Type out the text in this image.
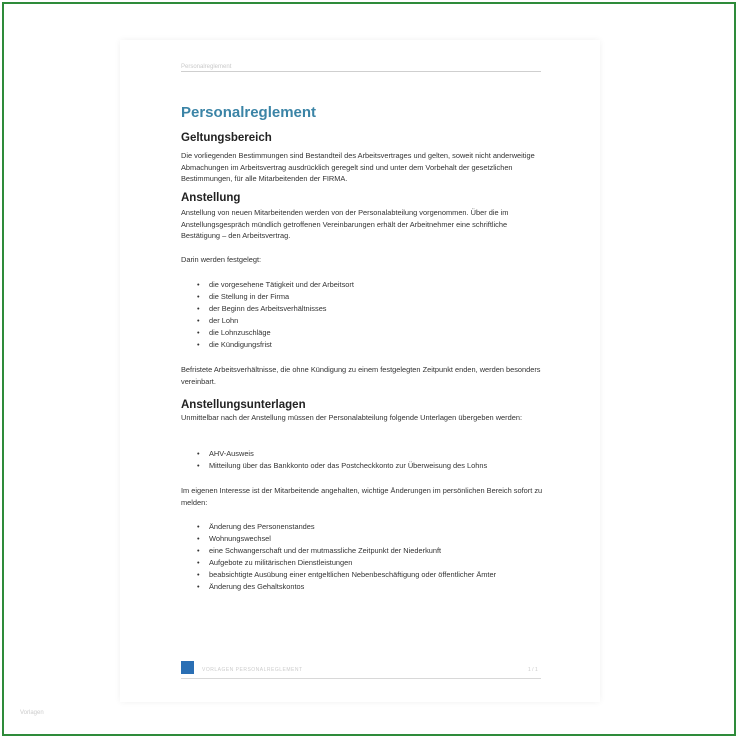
Personalreglement
Personalreglement
Geltungsbereich

Die vorliegenden Bestimmungen sind Bestandteil des Arbeitsvertrages und gelten, soweit nicht anderweitige Abmachungen im Arbeitsvertrag ausdrücklich geregelt sind und unter dem Vorbehalt der gesetzlichen Bestimmungen, für alle Mitarbeitenden der FIRMA.

Anstellung

Anstellung von neuen Mitarbeitenden werden von der Personalabteilung vorgenommen. Über die im Anstellungsgespräch mündlich getroffenen Vereinbarungen erhält der Arbeitnehmer eine schriftliche Bestätigung – den Arbeitsvertrag.

Darin werden festgelegt:

• die vorgesehene Tätigkeit und der Arbeitsort
• die Stellung in der Firma
• der Beginn des Arbeitsverhältnisses
• der Lohn
• die Lohnzuschläge
• die Kündigungsfrist

Befristete Arbeitsverhältnisse, die ohne Kündigung zu einem festgelegten Zeitpunkt enden, werden besonders vereinbart.

Anstellungsunterlagen

Unmittelbar nach der Anstellung müssen der Personalabteilung folgende Unterlagen übergeben werden:

• AHV-Ausweis
• Mitteilung über das Bankkonto oder das Postcheckkonto zur Überweisung des Lohns

Im eigenen Interesse ist der Mitarbeitende angehalten, wichtige Änderungen im persönlichen Bereich sofort zu melden:

• Änderung des Personenstandes
• Wohnungswechsel
• eine Schwangerschaft und der mutmassliche Zeitpunkt der Niederkunft
• Aufgebote zu militärischen Dienstleistungen
• beabsichtigte Ausübung einer entgeltlichen Nebenbeschäftigung oder öffentlicher Ämter
• Änderung des Gehaltskontos
VORLAGEN PERSONALREGLEMENT	1 / 1
Vorlagen
